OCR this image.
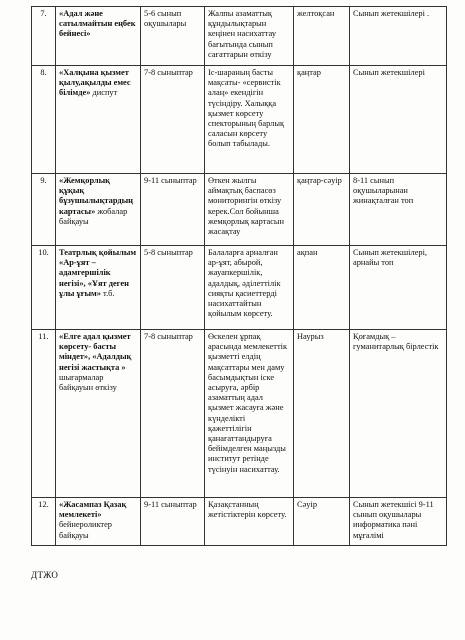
7.	«Адал және сатылмайтын еңбек бейнесі»	5-6 сынып оқушылары	Жалпы азаматтық құндылықтарын кеңінен насихаттау бағытында сынып сағаттарын өткізу	желтоқсан	Сынып жетекшілері .
8.	«Халқына қызмет қылу,ақылды емес білімде» диспут	7-8 сыныптар	Іс-шараның басты мақсаты- «сервистік алаң» екендігін түсіндіру. Халыққа қызмет көрсету спекторының барлық саласын көрсету болып табылады.	қаңтар	Сынып жетекшілері
9.	«Жемқорлық құқық бұзушылықтардың картасы» жобалар байқауы	9-11 сыныптар	Өткен жылгы аймақтық баспасөз мониторингін өткізу керек.Сол бойынша жемқорлық картасын жасақтау	қаңтар-сәуір	8-11 сынып оқушыларынан жинақталған топ
10.	Театрлық қойылым «Ар-ұят – адамгершілік негізі», «Ұят деген ұлы ұғым» т.б.	5-8 сыныптар	Балаларға арналған ар-ұят, абырой, жауапкершілік, адалдық, әділеттілік сияқты қасиеттерді насихаттайтын қойылым көрсету.	ақпан	Сынып жетекшілері, арнайы топ
11.	«Елге адал қызмет көрсету- басты міндет», «Адалдық негізі жастықта » шығармалар байқауын өткізу	7-8 сыныптар	Өскелен ұрпақ арасында мемлекеттік қызметті елдің мақсаттары мен даму басымдықтын іске асыруға, әрбір азаматтың адал қызмет жасауға және күнделікті қажеттілігін қанағаттандыруға бейімделген маңызды институт ретінде түсінуін насихаттау.	Наурыз	Қоғамдық – гуманитарлық бірлестік
12.	«Жасампаз Қазақ мемлекеті» бейнероликтер байқауы	9-11 сыныптар	Қазақстанның жетістіктерін көрсету.	Сәуір	Сынып жетекшісі 9-11 сынып оқушылары информатика пәні мұғалімі
ДТЖО
